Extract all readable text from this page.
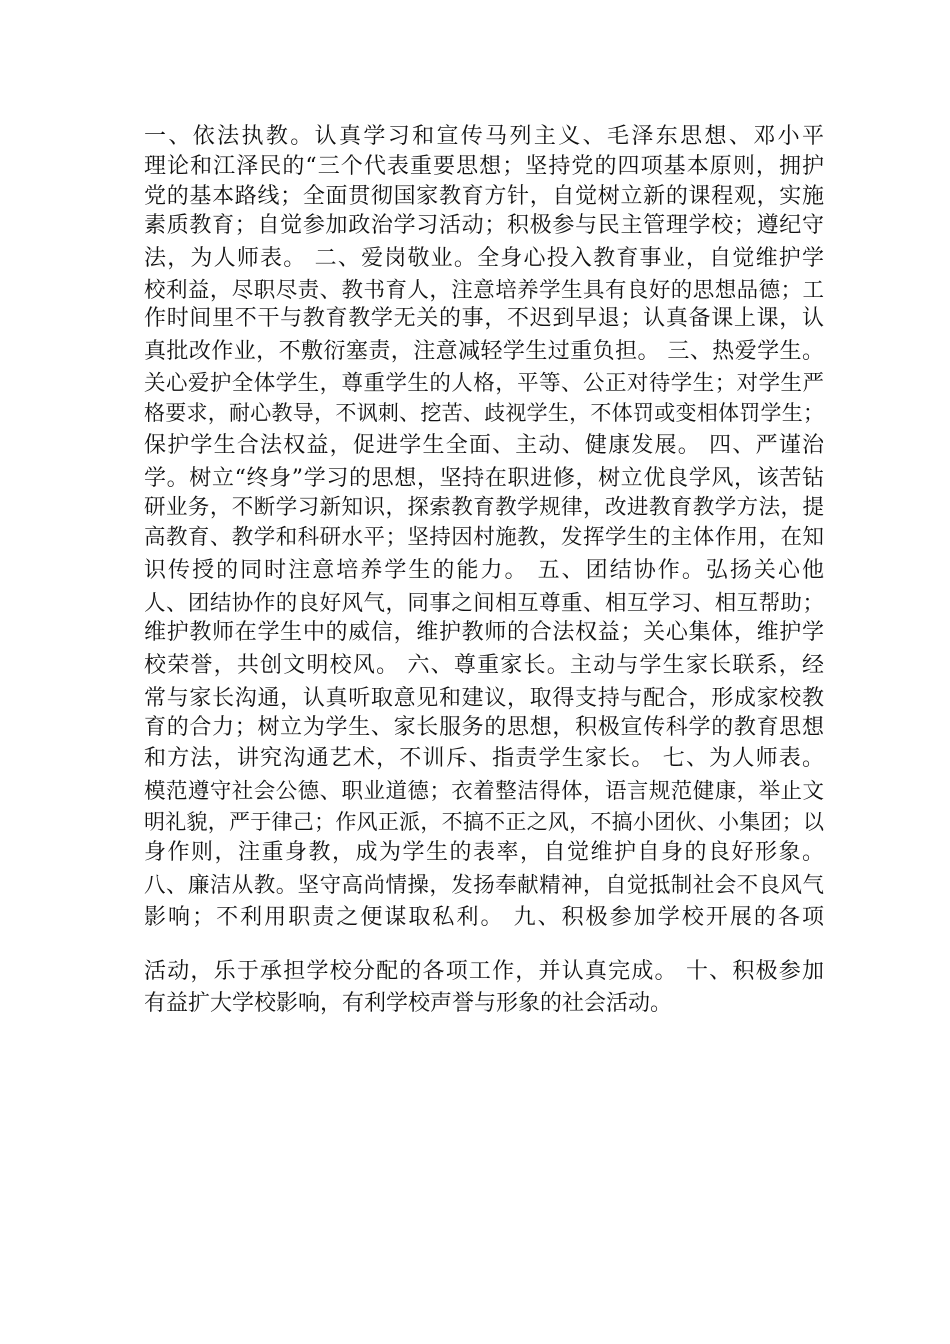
一、依法执教。认真学习和宣传马列主义、毛泽东思想、邓小平
理论和江泽民的“三个代表重要思想；坚持党的四项基本原则，拥护
党的基本路线；全面贯彻国家教育方针，自觉树立新的课程观，实施
素质教育；自觉参加政治学习活动；积极参与民主管理学校；遵纪守
法，为人师表。 二、爱岗敬业。全身心投入教育事业，自觉维护学
校利益，尽职尽责、教书育人，注意培养学生具有良好的思想品德；工
作时间里不干与教育教学无关的事，不迟到早退；认真备课上课，认
真批改作业，不敷衍塞责，注意减轻学生过重负担。 三、热爱学生。
关心爱护全体学生，尊重学生的人格，平等、公正对待学生；对学生严
格要求，耐心教导，不讽刺、挖苦、歧视学生，不体罚或变相体罚学生；
保护学生合法权益，促进学生全面、主动、健康发展。 四、严谨治
学。树立“终身”学习的思想，坚持在职进修，树立优良学风，该苦钻
研业务，不断学习新知识，探索教育教学规律，改进教育教学方法，提
高教育、教学和科研水平；坚持因村施教，发挥学生的主体作用，在知
识传授的同时注意培养学生的能力。 五、团结协作。弘扬关心他
人、团结协作的良好风气，同事之间相互尊重、相互学习、相互帮助；
维护教师在学生中的威信，维护教师的合法权益；关心集体，维护学
校荣誉，共创文明校风。 六、尊重家长。主动与学生家长联系，经
常与家长沟通，认真听取意见和建议，取得支持与配合，形成家校教
育的合力；树立为学生、家长服务的思想，积极宣传科学的教育思想
和方法，讲究沟通艺术，不训斥、指责学生家长。 七、为人师表。
模范遵守社会公德、职业道德；衣着整洁得体，语言规范健康，举止文
明礼貌，严于律己；作风正派，不搞不正之风，不搞小团伙、小集团；以
身作则，注重身教，成为学生的表率，自觉维护自身的良好形象。
八、廉洁从教。坚守高尚情操，发扬奉献精神，自觉抵制社会不良风气
影响；不利用职责之便谋取私利。 九、积极参加学校开展的各项
活动，乐于承担学校分配的各项工作，并认真完成。 十、积极参加
有益扩大学校影响，有利学校声誉与形象的社会活动。
